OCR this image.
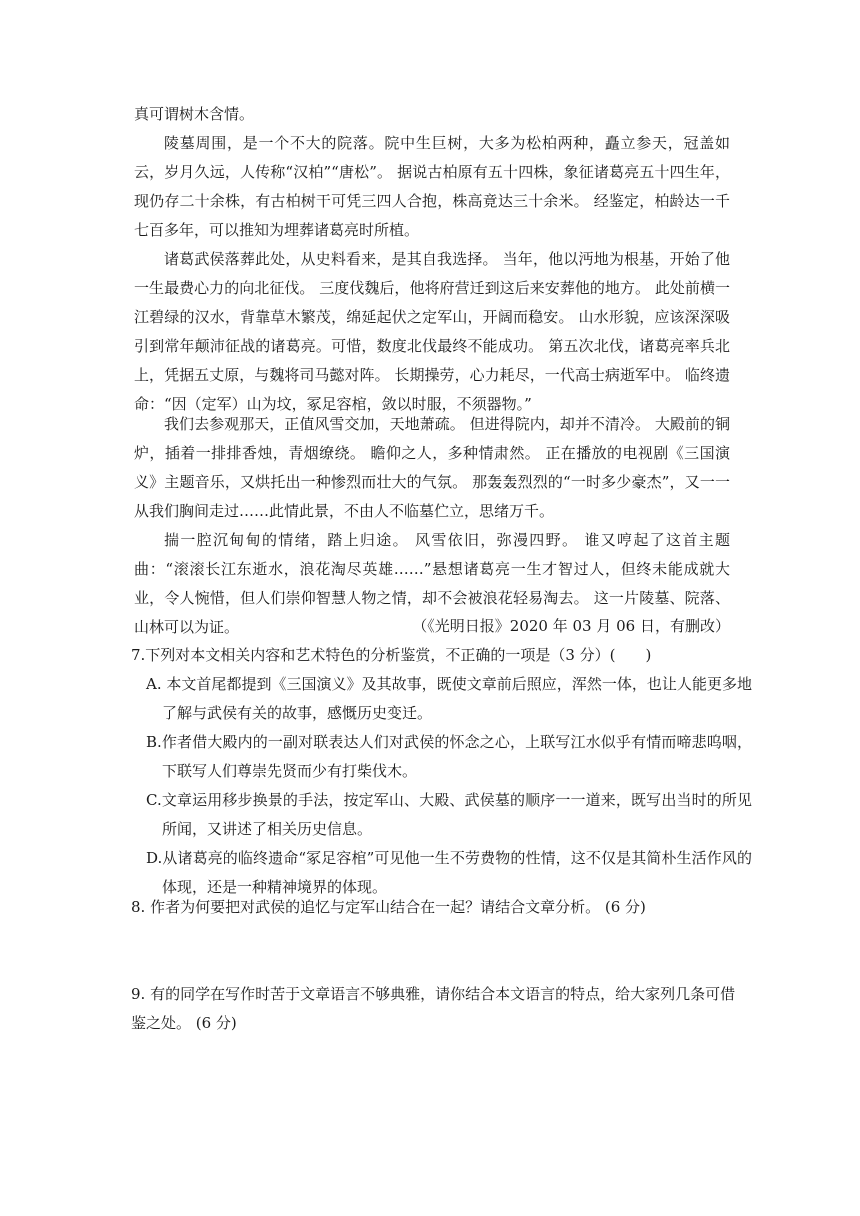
真可谓树木含情。

陵墓周围，是一个不大的院落。院中生巨树，大多为松柏两种，矗立参天，冠盖如云，岁月久远，人传称“汉柏”“唐松”。 据说古柏原有五十四株，象征诸葛亮五十四生年，现仍存二十余株，有古柏树干可凭三四人合抱，株高竟达三十余米。 经鉴定，柏龄达一千七百多年，可以推知为埋葬诸葛亮时所植。

诸葛武侯落葬此处，从史料看来，是其自我选择。 当年，他以沔地为根基，开始了他一生最费心力的向北征伐。 三度伐魏后，他将府营迁到这后来安葬他的地方。 此处前横一江碧绿的汉水，背靠草木繁茂，绵延起伏之定军山，开阔而稳安。 山水形貌，应该深深吸引到常年颠沛征战的诸葛亮。可惜，数度北伐最终不能成功。 第五次北伐，诸葛亮率兵北上，凭据五丈原，与魏将司马懿对阵。 长期操劳，心力耗尽，一代高士病逝军中。 临终遗命：“因（定军）山为坟，冢足容棺，敛以时服，不须器物。”

我们去参观那天，正值风雪交加，天地萧疏。 但进得院内，却并不清冷。 大殿前的铜炉，插着一排排香烛，青烟缭绕。 瞻仰之人，多种情肃然。 正在播放的电视剧《三国演义》主题音乐，又烘托出一种惨烈而壮大的气氛。 那轰轰烈烈的“一时多少豪杰”，又一一从我们胸间走过……此情此景，不由人不临墓伫立，思绪万千。

揣一腔沉甸甸的情绪，踏上归途。 风雪依旧，弥漫四野。 谁又哼起了这首主题曲：“滚滚长江东逝水，浪花淘尽英雄……”悬想诸葛亮一生才智过人，但终未能成就大业，令人惋惜，但人们崇仰智慧人物之情，却不会被浪花轻易淘去。 这一片陵墓、院落、山林可以为证。	（《光明日报》2020 年 03 月 06 日，有删改）

7.下列对本文相关内容和艺术特色的分析鉴赏，不正确的一项是（3 分）(　　)

A. 本文首尾都提到《三国演义》及其故事，既使文章前后照应，浑然一体，也让人能更多地了解与武侯有关的故事，感慨历史变迁。

B.作者借大殿内的一副对联表达人们对武侯的怀念之心，上联写江水似乎有情而啼悲呜咽，下联写人们尊崇先贤而少有打柴伐木。

C.文章运用移步换景的手法，按定军山、大殿、武侯墓的顺序一一道来，既写出当时的所见所闻，又讲述了相关历史信息。

D.从诸葛亮的临终遗命“冢足容棺”可见他一生不劳费物的性情，这不仅是其简朴生活作风的体现，还是一种精神境界的体现。

8. 作者为何要把对武侯的追忆与定军山结合在一起？请结合文章分析。 (6 分)

9. 有的同学在写作时苦于文章语言不够典雅，请你结合本文语言的特点，给大家列几条可借鉴之处。 (6 分)
